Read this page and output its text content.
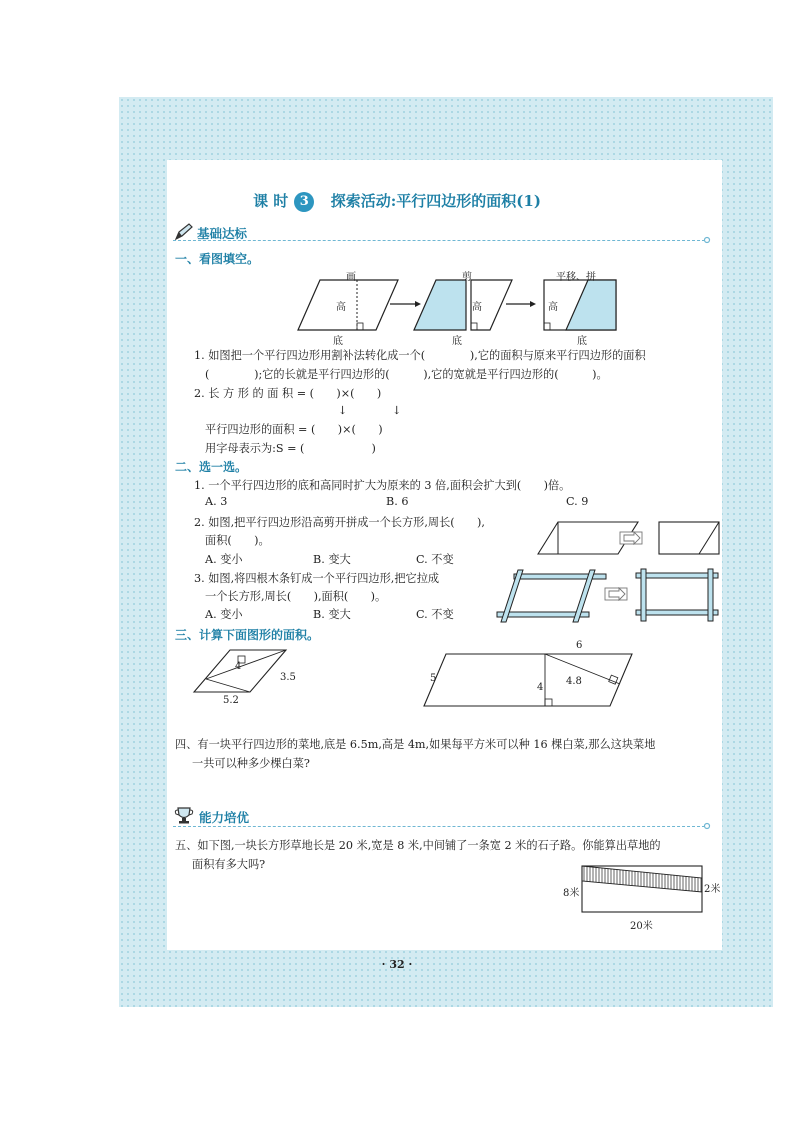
课 时 3 探索活动:平行四边形的面积(1)
基础达标
一、看图填空。
画
高
底
剪
高
底
平移、拼
高
底
1. 如图把一个平行四边形用割补法转化成一个(　　　　),它的面积与原来平行四边形的面积
(　　　　);它的长就是平行四边形的(　　　),它的宽就是平行四边形的(　　　)。
2. 长 方 形 的 面 积 = (　　)×(　　)
↓　　　　↓
平行四边形的面积 = (　　)×(　　)
用字母表示为:S = (　　　　　　)
二、选一选。
1. 一个平行四边形的底和高同时扩大为原来的 3 倍,面积会扩大到(　　)倍。
A. 3	B. 6	C. 9
2. 如图,把平行四边形沿高剪开拼成一个长方形,周长(　　),
面积(　　)。
A. 变小	B. 变大	C. 不变
3. 如图,将四根木条钉成一个平行四边形,把它拉成
一个长方形,周长(　　),面积(　　)。
A. 变小	B. 变大	C. 不变
三、计算下面图形的面积。
4
3.5
5.2
6
5
4
4.8
四、有一块平行四边形的菜地,底是 6.5m,高是 4m,如果每平方米可以种 16 棵白菜,那么这块菜地
一共可以种多少棵白菜?
能力培优
五、如下图,一块长方形草地长是 20 米,宽是 8 米,中间铺了一条宽 2 米的石子路。你能算出草地的
面积有多大吗?
8米	2米
20米
· 32 ·
